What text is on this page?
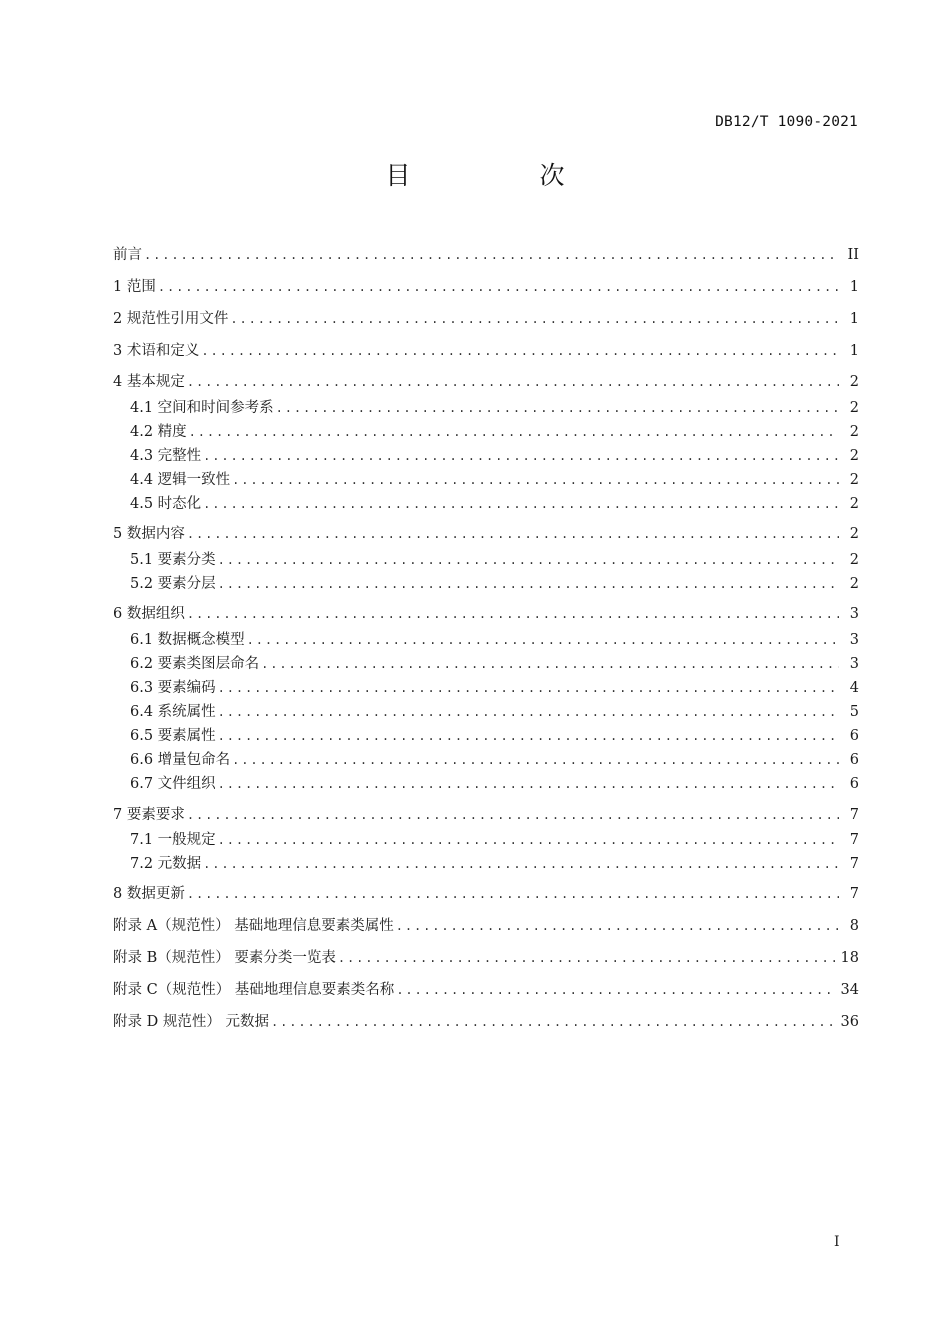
DB12/T 1090-2021
目　次
前言 .....	II
1 范围 .....	1
2 规范性引用文件 .....	1
3 术语和定义 .....	1
4 基本规定 .....	2
4.1 空间和时间参考系 .....	2
4.2 精度 .....	2
4.3 完整性 .....	2
4.4 逻辑一致性 .....	2
4.5 时态化 .....	2
5 数据内容 .....	2
5.1 要素分类 .....	2
5.2 要素分层 .....	2
6 数据组织 .....	3
6.1 数据概念模型 .....	3
6.2 要素类图层命名 .....	3
6.3 要素编码 .....	4
6.4 系统属性 .....	5
6.5 要素属性 .....	6
6.6 增量包命名 .....	6
6.7 文件组织 .....	6
7 要素要求 .....	7
7.1 一般规定 .....	7
7.2 元数据 .....	7
8 数据更新 .....	7
附录 A（规范性） 基础地理信息要素类属性 .....	8
附录 B（规范性） 要素分类一览表 .....	18
附录 C（规范性） 基础地理信息要素类名称 .....	34
附录 D 规范性） 元数据 .....	36
I
